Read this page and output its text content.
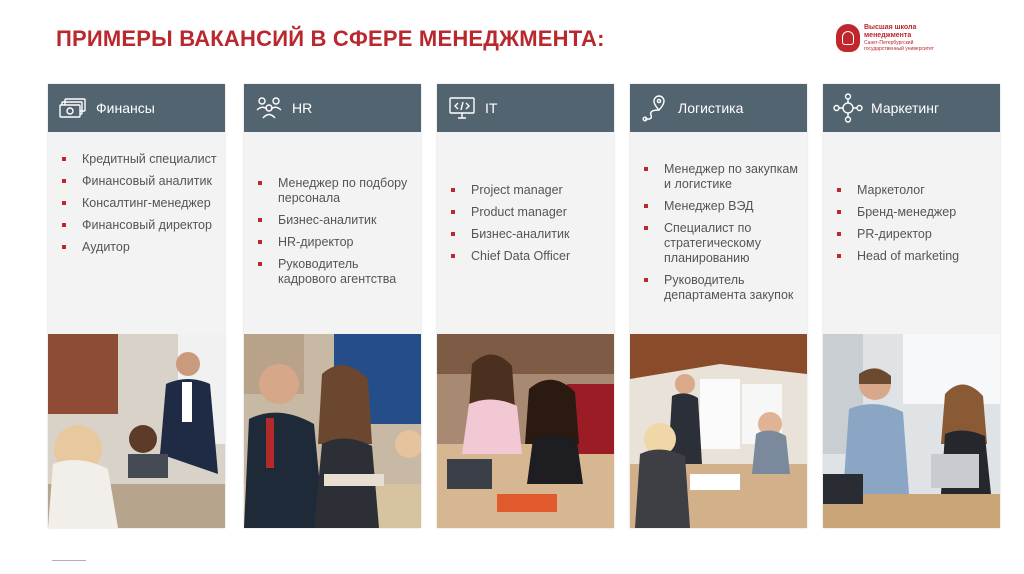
ПРИМЕРЫ ВАКАНСИЙ В СФЕРЕ МЕНЕДЖМЕНТА:	Высшая школа
менеджмента
Санкт-Петербургский
государственный университет
Финансы
Кредитный специалист
Финансовый аналитик
Консалтинг-менеджер
Финансовый директор
Аудитор
HR
Менеджер по подбору персонала
Бизнес-аналитик
HR-директор
Руководитель кадрового агентства
IT
Project manager
Product manager
Бизнес-аналитик
Chief Data Officer
Логистика
Менеджер по закупкам и логистике
Менеджер ВЭД
Специалист по стратегическому планированию
Руководитель департамента закупок
Маркетинг
Маркетолог
Бренд-менеджер
PR-директор
Head of marketing
